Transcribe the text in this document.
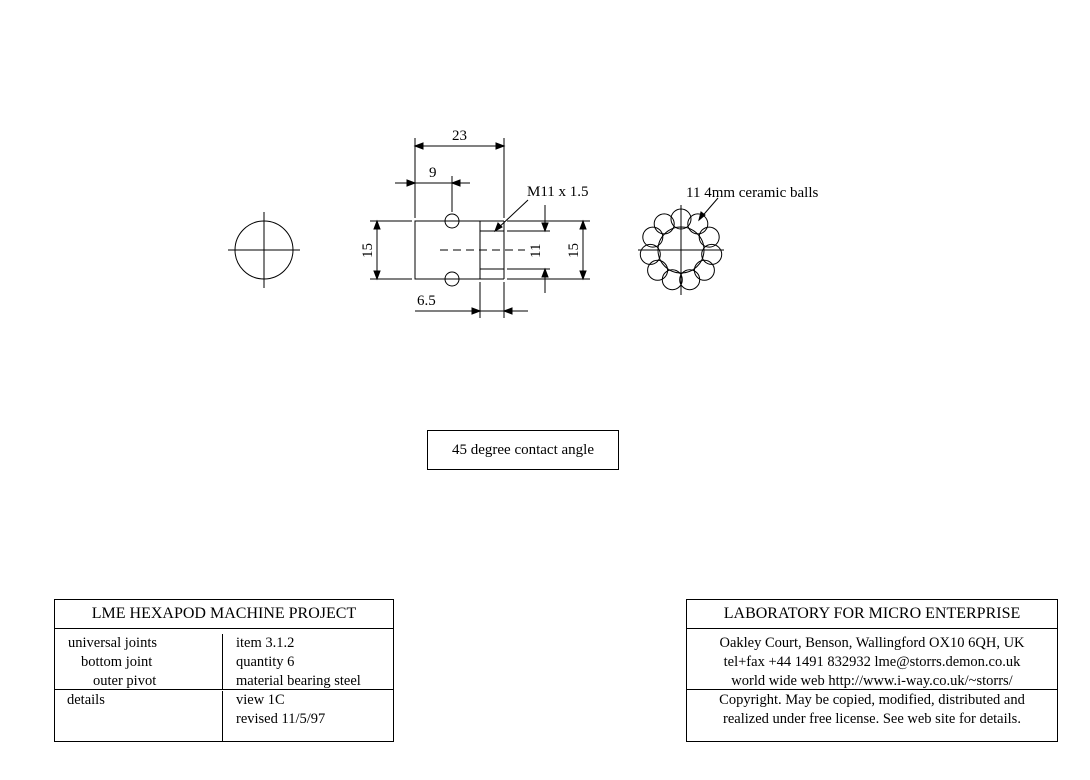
23
9
M11 x 1.5
6.5
11 4mm ceramic balls
15	11 15
45 degree contact angle
LME HEXAPOD MACHINE PROJECT
universal joints
bottom joint
outer pivot
item 3.1.2
quantity 6
material bearing steel
details	view 1C
revised 11/5/97
LABORATORY FOR MICRO ENTERPRISE
Oakley Court, Benson, Wallingford OX10 6QH, UK
tel+fax +44 1491 832932 lme@storrs.demon.co.uk
world wide web http://www.i-way.co.uk/~storrs/
Copyright. May be copied, modified, distributed and
realized under free license. See web site for details.
